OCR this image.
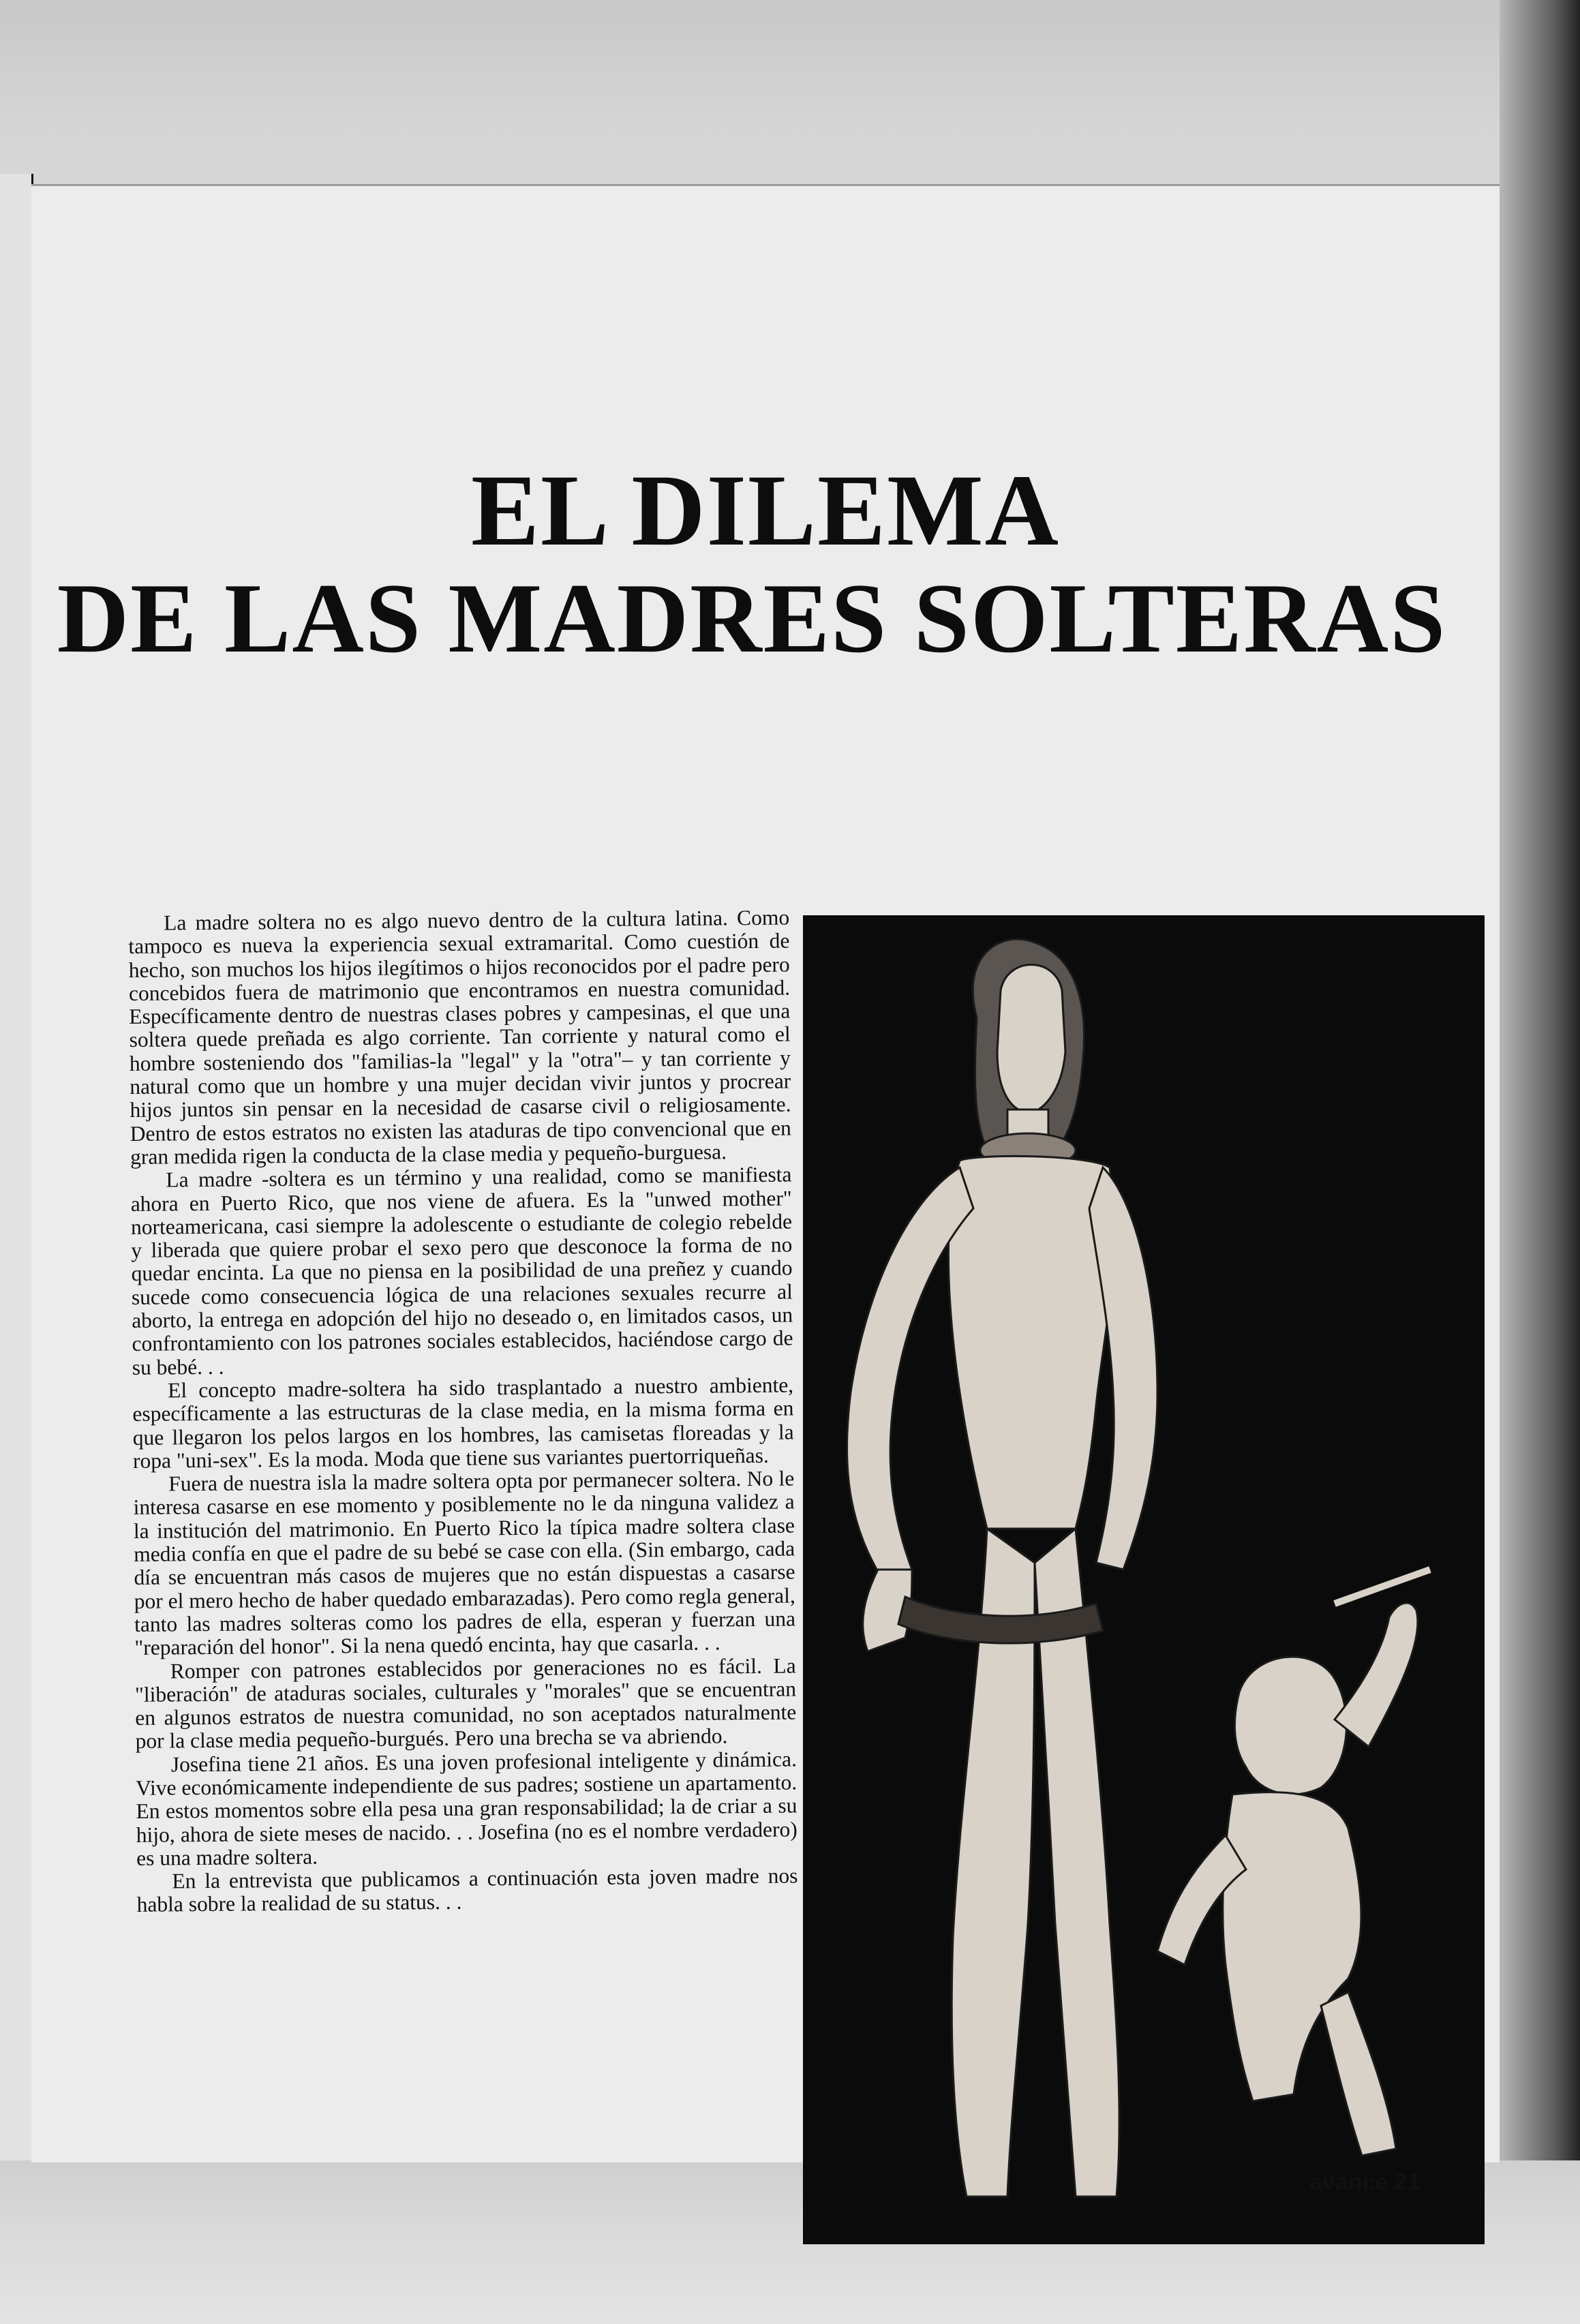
EL DILEMA
DE LAS MADRES SOLTERAS

La madre soltera no es algo nuevo dentro de la cultura latina. Como tampoco es nueva la experiencia sexual extramarital. Como cuestión de hecho, son muchos los hijos ilegítimos o hijos reconocidos por el padre pero concebidos fuera de matrimonio que encontramos en nuestra comunidad. Específicamente dentro de nuestras clases pobres y campesinas, el que una soltera quede preñada es algo corriente. Tan corriente y natural como el hombre sosteniendo dos "familias-la "legal" y la "otra"– y tan corriente y natural como que un hombre y una mujer decidan vivir juntos y procrear hijos juntos sin pensar en la necesidad de casarse civil o religiosamente. Dentro de estos estratos no existen las ataduras de tipo convencional que en gran medida rigen la conducta de la clase media y pequeño-burguesa.

La madre -soltera es un término y una realidad, como se manifiesta ahora en Puerto Rico, que nos viene de afuera. Es la "unwed mother" norteamericana, casi siempre la adolescente o estudiante de colegio rebelde y liberada que quiere probar el sexo pero que desconoce la forma de no quedar encinta. La que no piensa en la posibilidad de una preñez y cuando sucede como consecuencia lógica de una relaciones sexuales recurre al aborto, la entrega en adopción del hijo no deseado o, en limitados casos, un confrontamiento con los patrones sociales establecidos, haciéndose cargo de su bebé. . .

El concepto madre-soltera ha sido trasplantado a nuestro ambiente, específicamente a las estructuras de la clase media, en la misma forma en que llegaron los pelos largos en los hombres, las camisetas floreadas y la ropa "uni-sex". Es la moda. Moda que tiene sus variantes puertorriqueñas.

Fuera de nuestra isla la madre soltera opta por permanecer soltera. No le interesa casarse en ese momento y posiblemente no le da ninguna validez a la institución del matrimonio. En Puerto Rico la típica madre soltera clase media confía en que el padre de su bebé se case con ella. (Sin embargo, cada día se encuentran más casos de mujeres que no están dispuestas a casarse por el mero hecho de haber quedado embarazadas). Pero como regla general, tanto las madres solteras como los padres de ella, esperan y fuerzan una "reparación del honor". Si la nena quedó encinta, hay que casarla. . .

Romper con patrones establecidos por generaciones no es fácil. La "liberación" de ataduras sociales, culturales y "morales" que se encuentran en algunos estratos de nuestra comunidad, no son aceptados naturalmente por la clase media pequeño-burgués. Pero una brecha se va abriendo.

Josefina tiene 21 años. Es una joven profesional inteligente y dinámica. Vive económicamente independiente de sus padres; sostiene un apartamento. En estos momentos sobre ella pesa una gran responsabilidad; la de criar a su hijo, ahora de siete meses de nacido. . . Josefina (no es el nombre verdadero) es una madre soltera.

En la entrevista que publicamos a continuación esta joven madre nos habla sobre la realidad de su status. . .

avance 21
